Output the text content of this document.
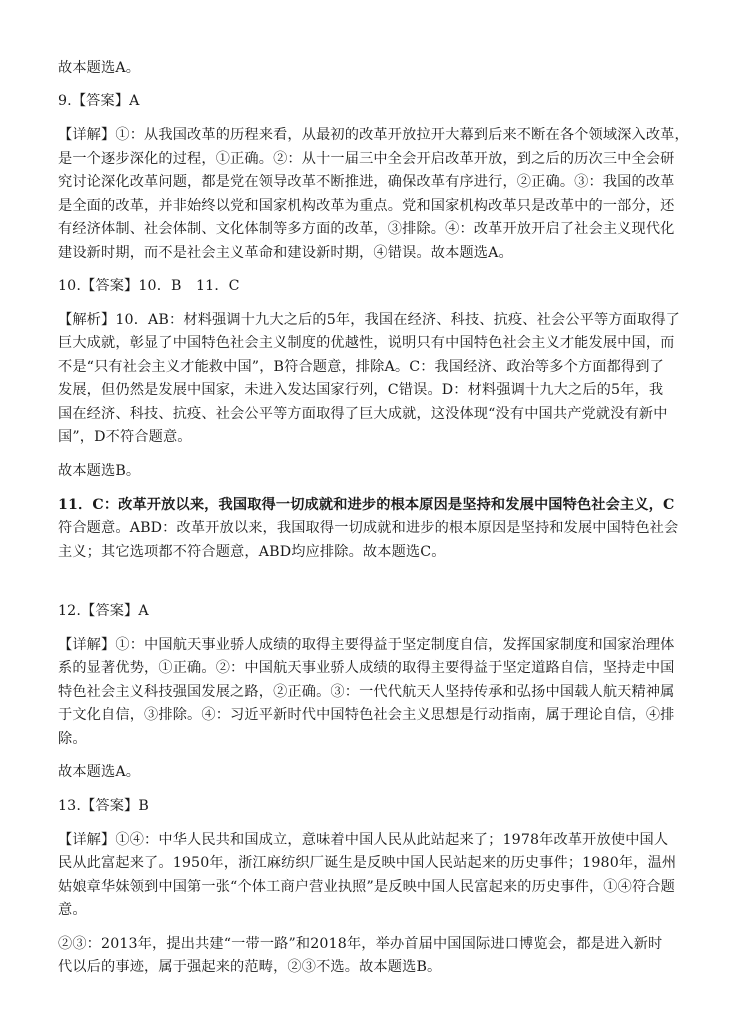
故本题选A。
9.【答案】A
【详解】①：从我国改革的历程来看，从最初的改革开放拉开大幕到后来不断在各个领域深入改革，
是一个逐步深化的过程，①正确。②：从十一届三中全会开启改革开放，到之后的历次三中全会研
究讨论深化改革问题，都是党在领导改革不断推进，确保改革有序进行，②正确。③：我国的改革
是全面的改革，并非始终以党和国家机构改革为重点。党和国家机构改革只是改革中的一部分，还
有经济体制、社会体制、文化体制等多方面的改革，③排除。④：改革开放开启了社会主义现代化
建设新时期，而不是社会主义革命和建设新时期，④错误。故本题选A。
10.【答案】10．B　11．C
【解析】10．AB：材料强调十九大之后的5年，我国在经济、科技、抗疫、社会公平等方面取得了
巨大成就，彰显了中国特色社会主义制度的优越性，说明只有中国特色社会主义才能发展中国，而
不是“只有社会主义才能救中国”，B符合题意，排除A。C：我国经济、政治等多个方面都得到了
发展，但仍然是发展中国家，未进入发达国家行列，C错误。D：材料强调十九大之后的5年，我
国在经济、科技、抗疫、社会公平等方面取得了巨大成就，这没体现“没有中国共产党就没有新中
国”，D不符合题意。
故本题选B。
11．C：改革开放以来，我国取得一切成就和进步的根本原因是坚持和发展中国特色社会主义，C
符合题意。ABD：改革开放以来，我国取得一切成就和进步的根本原因是坚持和发展中国特色社会
主义；其它选项都不符合题意，ABD均应排除。故本题选C。
12.【答案】A
【详解】①：中国航天事业骄人成绩的取得主要得益于坚定制度自信，发挥国家制度和国家治理体
系的显著优势，①正确。②：中国航天事业骄人成绩的取得主要得益于坚定道路自信，坚持走中国
特色社会主义科技强国发展之路，②正确。③：一代代航天人坚持传承和弘扬中国载人航天精神属
于文化自信，③排除。④：习近平新时代中国特色社会主义思想是行动指南，属于理论自信，④排
除。
故本题选A。
13.【答案】B
【详解】①④：中华人民共和国成立，意味着中国人民从此站起来了；1978年改革开放使中国人
民从此富起来了。1950年，浙江麻纺织厂诞生是反映中国人民站起来的历史事件；1980年，温州
姑娘章华妹领到中国第一张“个体工商户营业执照”是反映中国人民富起来的历史事件，①④符合题
意。
②③：2013年，提出共建“一带一路”和2018年，举办首届中国国际进口博览会，都是进入新时
代以后的事迹，属于强起来的范畴，②③不选。故本题选B。
